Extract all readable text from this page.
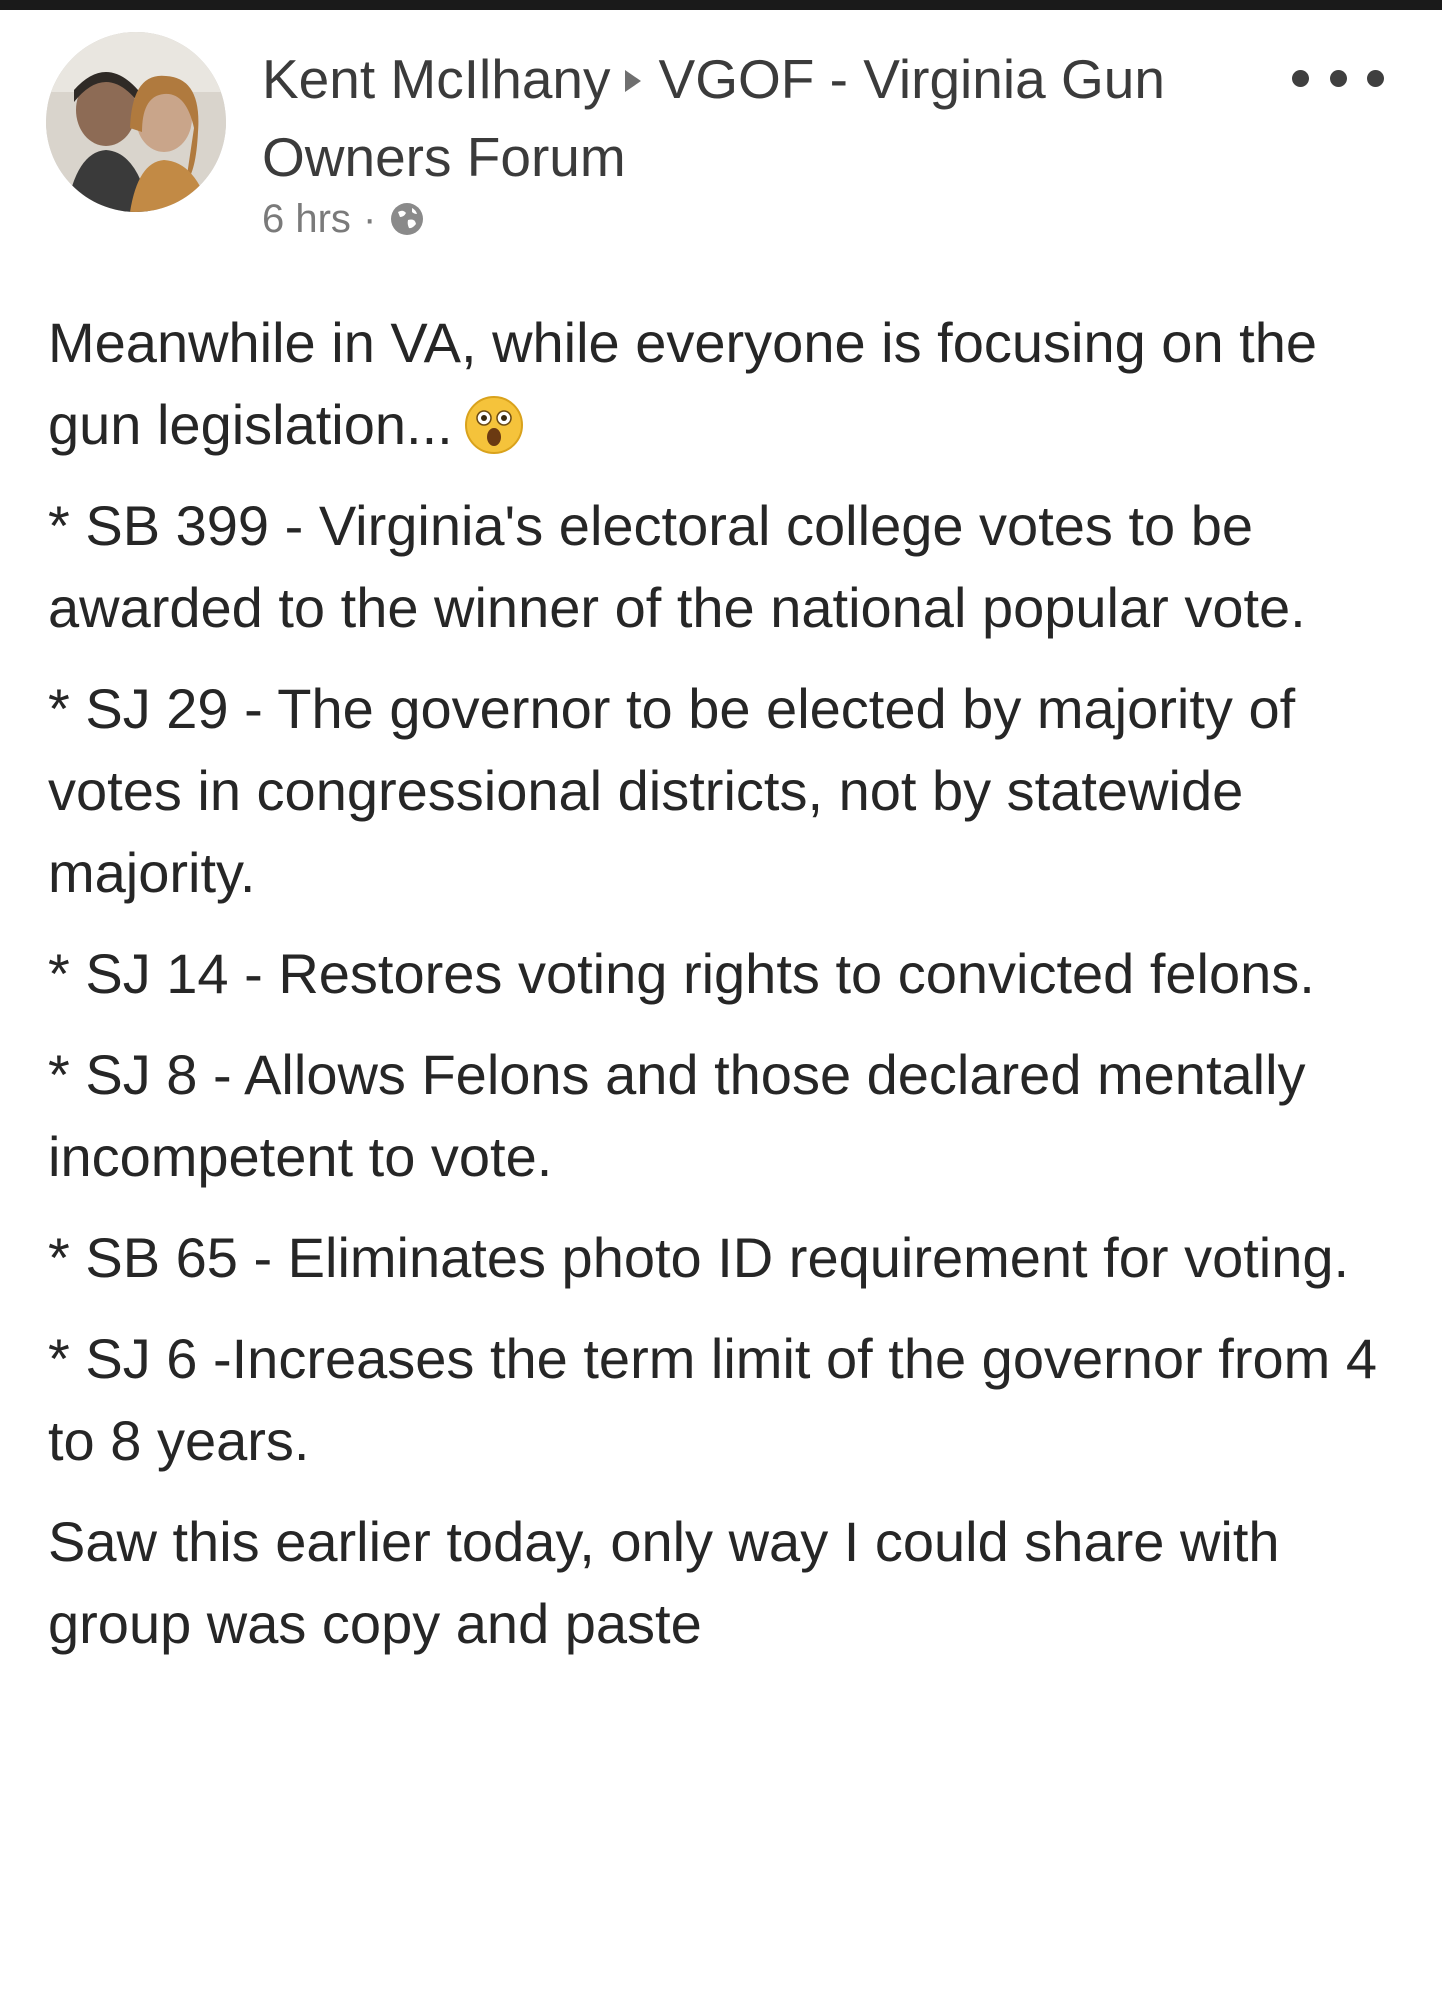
Kent McIlhany VGOF - Virginia Gun Owners Forum
6 hrs ·
Meanwhile in VA, while everyone is focusing on the gun legislation...
* SB 399 - Virginia's electoral college votes to be awarded to the winner of the national popular vote.
* SJ 29 - The governor to be elected by majority of votes in congressional districts, not by statewide majority.
* SJ 14 - Restores voting rights to convicted felons.
* SJ 8 - Allows Felons and those declared mentally incompetent to vote.
* SB 65 - Eliminates photo ID requirement for voting.
* SJ 6 -Increases the term limit of the governor from 4 to 8 years.
Saw this earlier today, only way I could share with group was copy and paste
